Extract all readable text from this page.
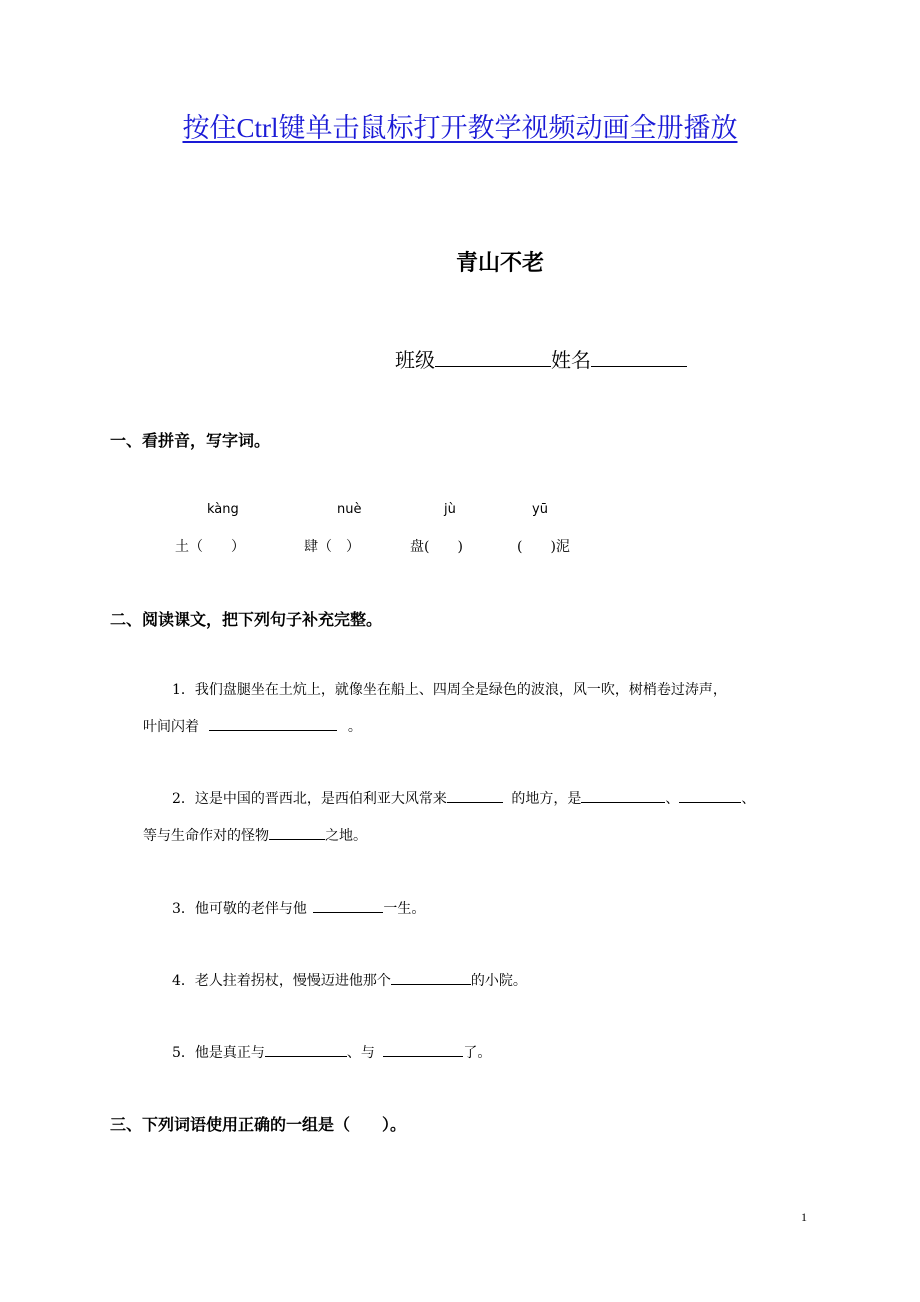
按住Ctrl键单击鼠标打开教学视频动画全册播放
青山不老
班级	姓名
一、看拼音，写字词。
kàng	nuè	jù	yū
土（　　）	肆（　）	盘(　　)	(　　)泥
二、阅读课文，把下列句子补充完整。
1．我们盘腿坐在土炕上，就像坐在船上、四周全是绿色的波浪，风一吹，树梢卷过涛声，
叶间闪着	。
2．这是中国的晋西北，是西伯利亚大风常来	的地方，是	、	、
等与生命作对的怪物	之地。
3．他可敬的老伴与他	一生。
4．老人拄着拐杖，慢慢迈进他那个	的小院。
5．他是真正与	、与	了。
三、下列词语使用正确的一组是（　　）。
1
